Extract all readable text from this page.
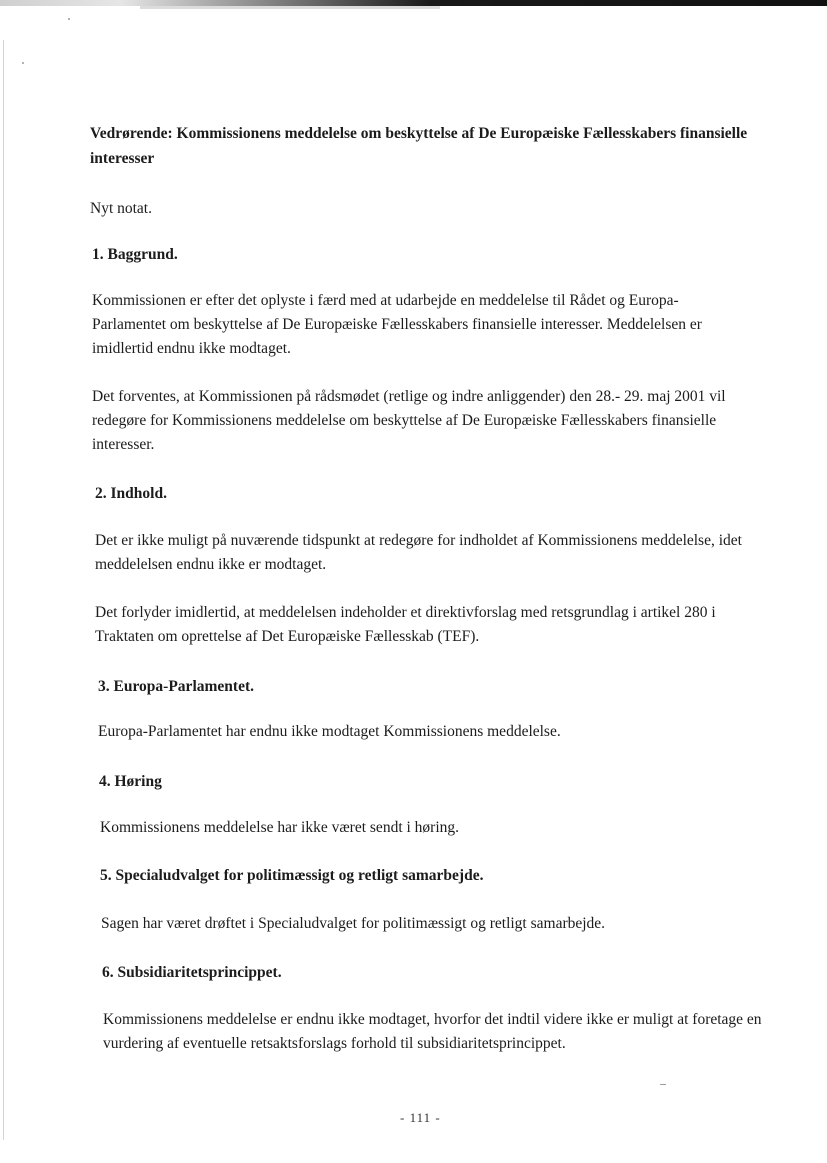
Vedrørende: Kommissionens meddelelse om beskyttelse af De Europæiske Fællesskabers finansielle interesser

Nyt notat.

1. Baggrund.

Kommissionen er efter det oplyste i færd med at udarbejde en meddelelse til Rådet og Europa-Parlamentet om beskyttelse af De Europæiske Fællesskabers finansielle interesser. Meddelelsen er imidlertid endnu ikke modtaget.

Det forventes, at Kommissionen på rådsmødet (retlige og indre anliggender) den 28.- 29. maj 2001 vil redegøre for Kommissionens meddelelse om beskyttelse af De Europæiske Fællesskabers finansielle interesser.

2. Indhold.

Det er ikke muligt på nuværende tidspunkt at redegøre for indholdet af Kommissionens meddelelse, idet meddelelsen endnu ikke er modtaget.

Det forlyder imidlertid, at meddelelsen indeholder et direktivforslag med retsgrundlag i artikel 280 i Traktaten om oprettelse af Det Europæiske Fællesskab (TEF).

3. Europa-Parlamentet.

Europa-Parlamentet har endnu ikke modtaget Kommissionens meddelelse.

4. Høring

Kommissionens meddelelse har ikke været sendt i høring.

5. Specialudvalget for politimæssigt og retligt samarbejde.

Sagen har været drøftet i Specialudvalget for politimæssigt og retligt samarbejde.

6. Subsidiaritetsprincippet.

Kommissionens meddelelse er endnu ikke modtaget, hvorfor det indtil videre ikke er muligt at foretage en vurdering af eventuelle retsaktsforslags forhold til subsidiaritetsprincippet.

- 111 -
